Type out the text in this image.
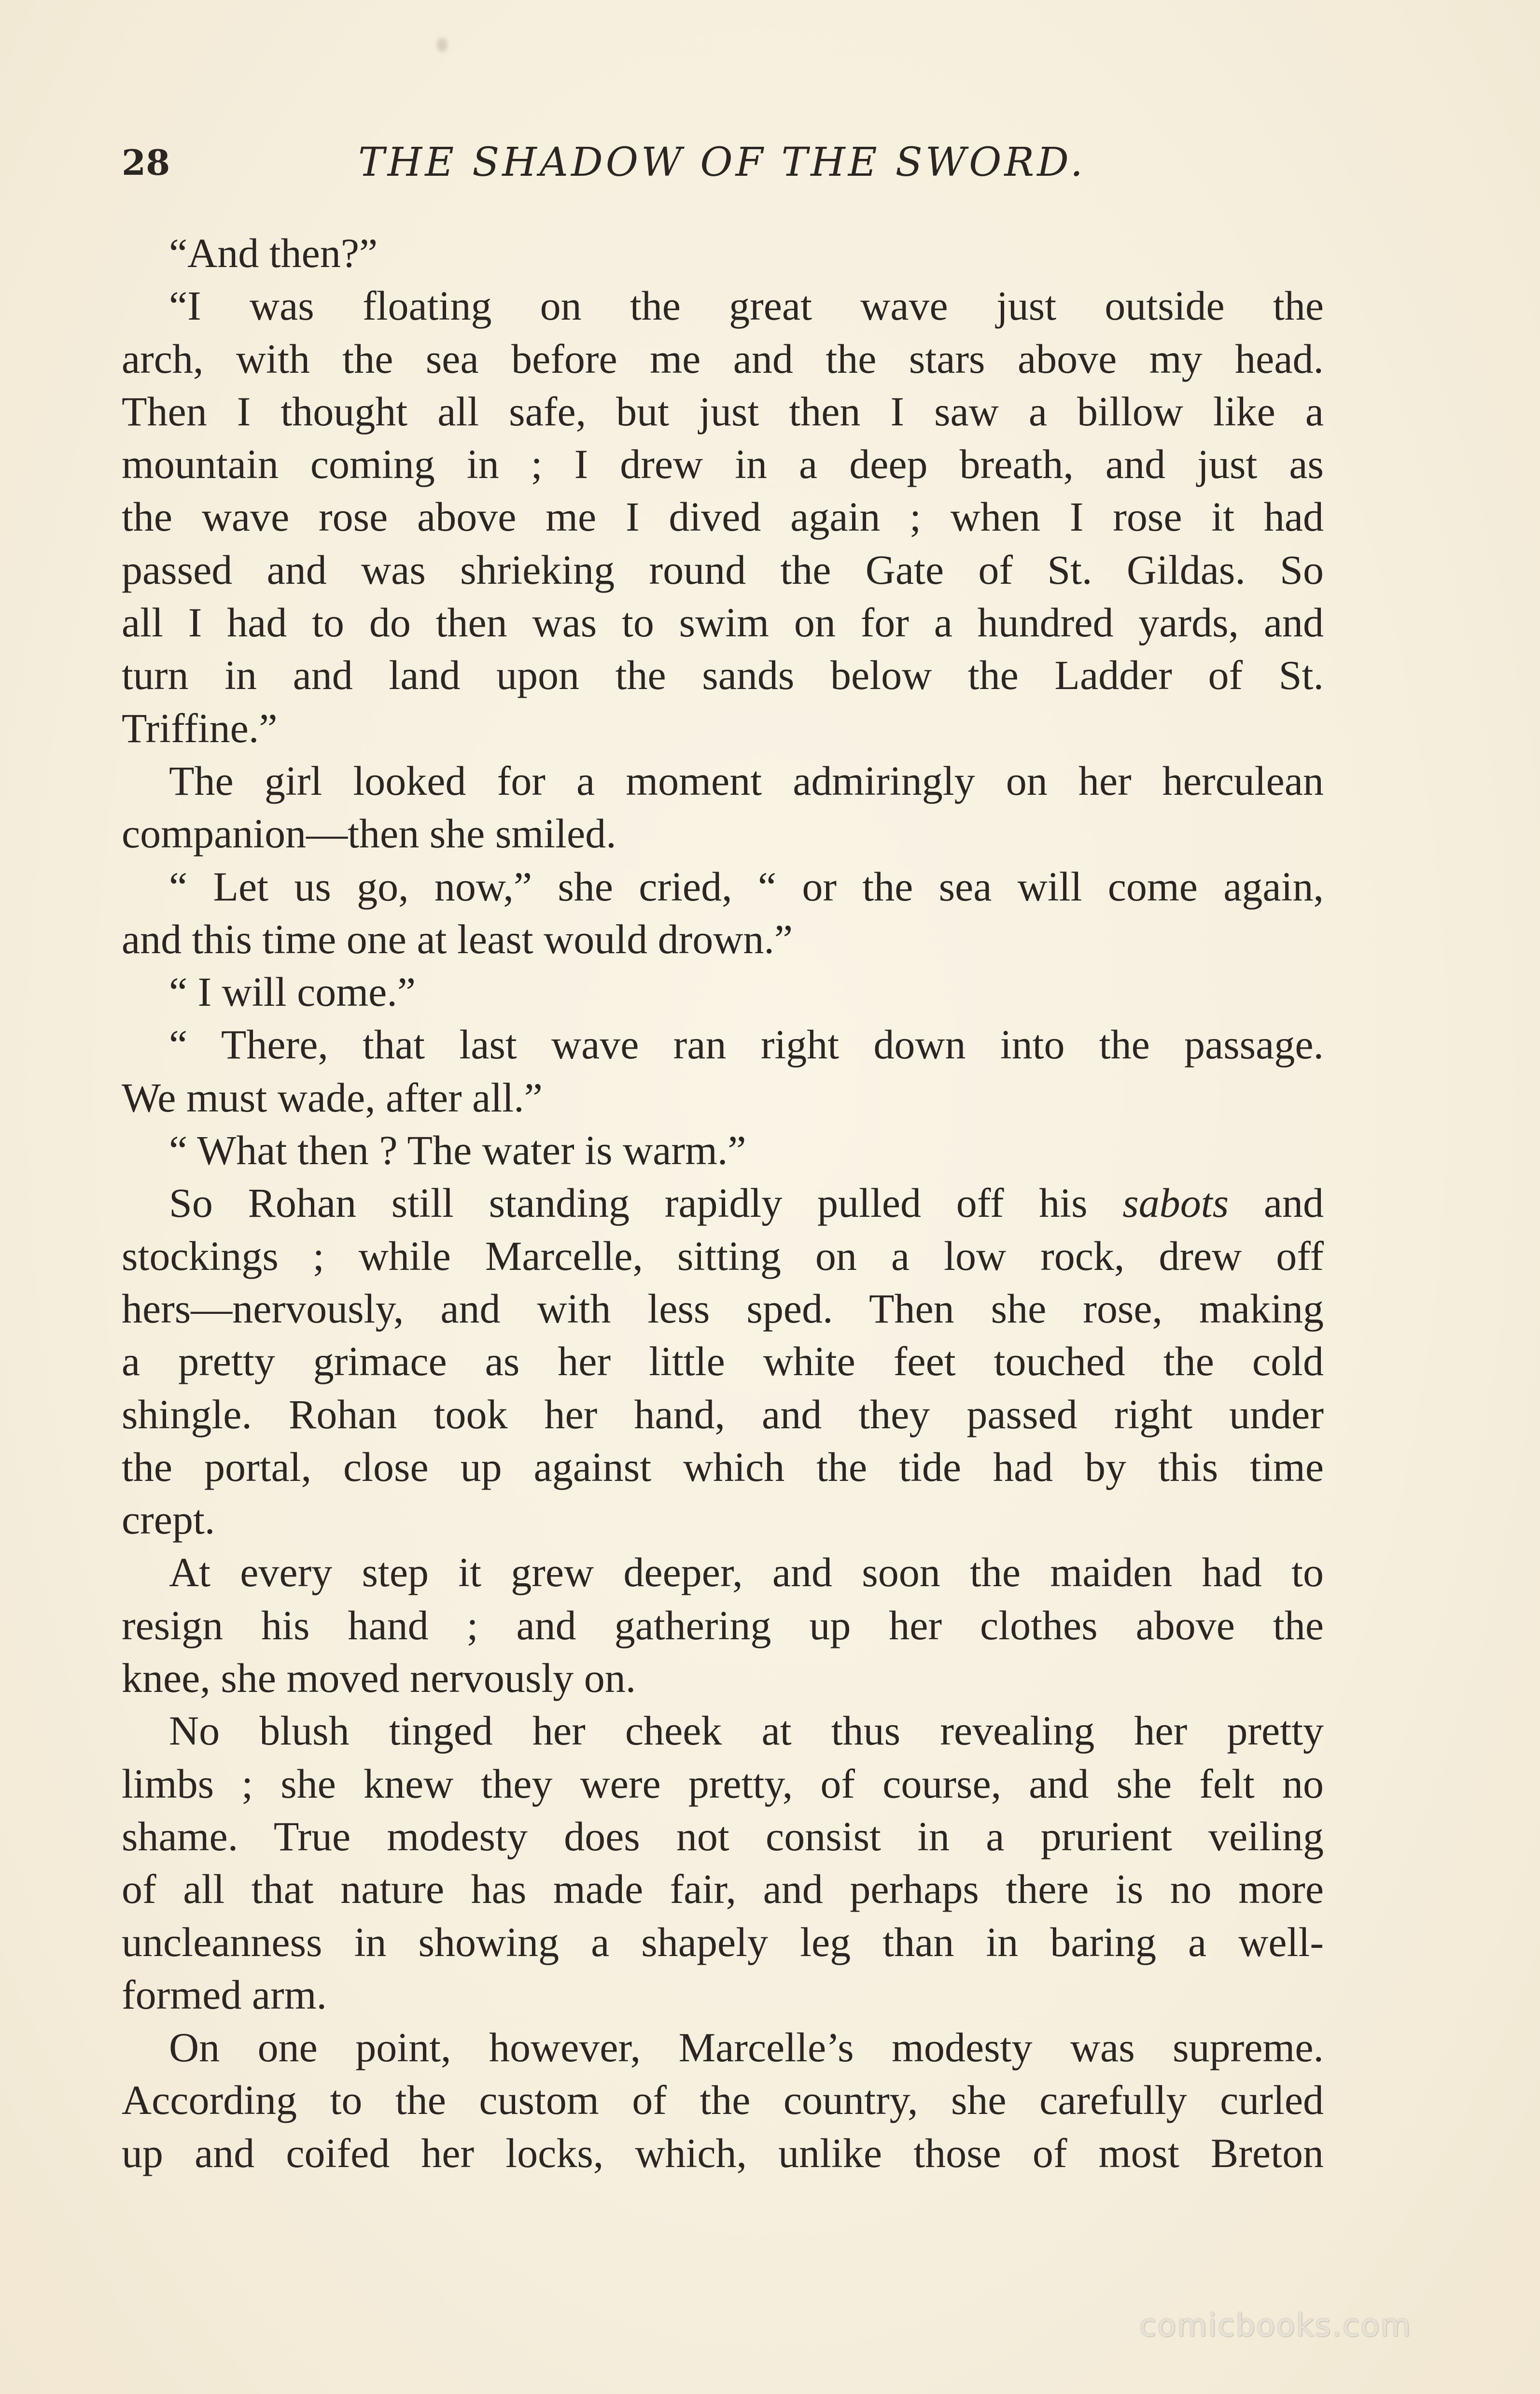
28	THE SHADOW OF THE SWORD.
“And then?”
“I was floating on the great wave just outside the
arch, with the sea before me and the stars above my head.
Then I thought all safe, but just then I saw a billow like a
mountain coming in ; I drew in a deep breath, and just as
the wave rose above me I dived again ; when I rose it had
passed and was shrieking round the Gate of St. Gildas. So
all I had to do then was to swim on for a hundred yards, and
turn in and land upon the sands below the Ladder of St.
Triffine.”
The girl looked for a moment admiringly on her herculean
companion—then she smiled.
“ Let us go, now,” she cried, “ or the sea will come again,
and this time one at least would drown.”
“ I will come.”
“ There, that last wave ran right down into the passage.
We must wade, after all.”
“ What then ? The water is warm.”
So Rohan still standing rapidly pulled off his sabots and
stockings ; while Marcelle, sitting on a low rock, drew off
hers—nervously, and with less sped. Then she rose, making
a pretty grimace as her little white feet touched the cold
shingle. Rohan took her hand, and they passed right under
the portal, close up against which the tide had by this time
crept.
At every step it grew deeper, and soon the maiden had to
resign his hand ; and gathering up her clothes above the
knee, she moved nervously on.
No blush tinged her cheek at thus revealing her pretty
limbs ; she knew they were pretty, of course, and she felt no
shame. True modesty does not consist in a prurient veiling
of all that nature has made fair, and perhaps there is no more
uncleanness in showing a shapely leg than in baring a well-
formed arm.
On one point, however, Marcelle’s modesty was supreme.
According to the custom of the country, she carefully curled
up and coifed her locks, which, unlike those of most Breton
comicbooks.com
